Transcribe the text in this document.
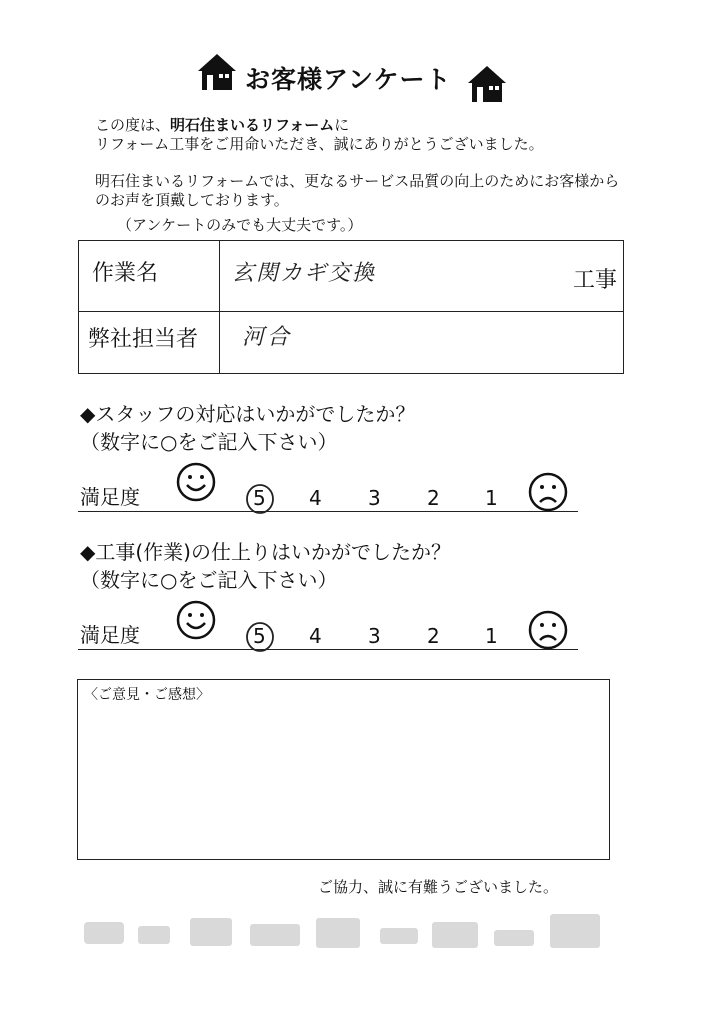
お客様アンケート
この度は、明石住まいるリフォームに
リフォーム工事をご用命いただき、誠にありがとうございました。
明石住まいるリフォームでは、更なるサービス品質の向上のためにお客様からのお声を頂戴しております。
（アンケートのみでも大丈夫です。）
作業名	玄関カギ交換	工事
弊社担当者 河合
◆スタッフの対応はいかがでしたか？
（数字に○をご記入下さい）
満足度	5 4 3 2 1
◆工事(作業)の仕上りはいかがでしたか？
（数字に○をご記入下さい）
満足度	5 4 3 2 1
〈ご意見・ご感想〉
ご協力、誠に有難うございました。
